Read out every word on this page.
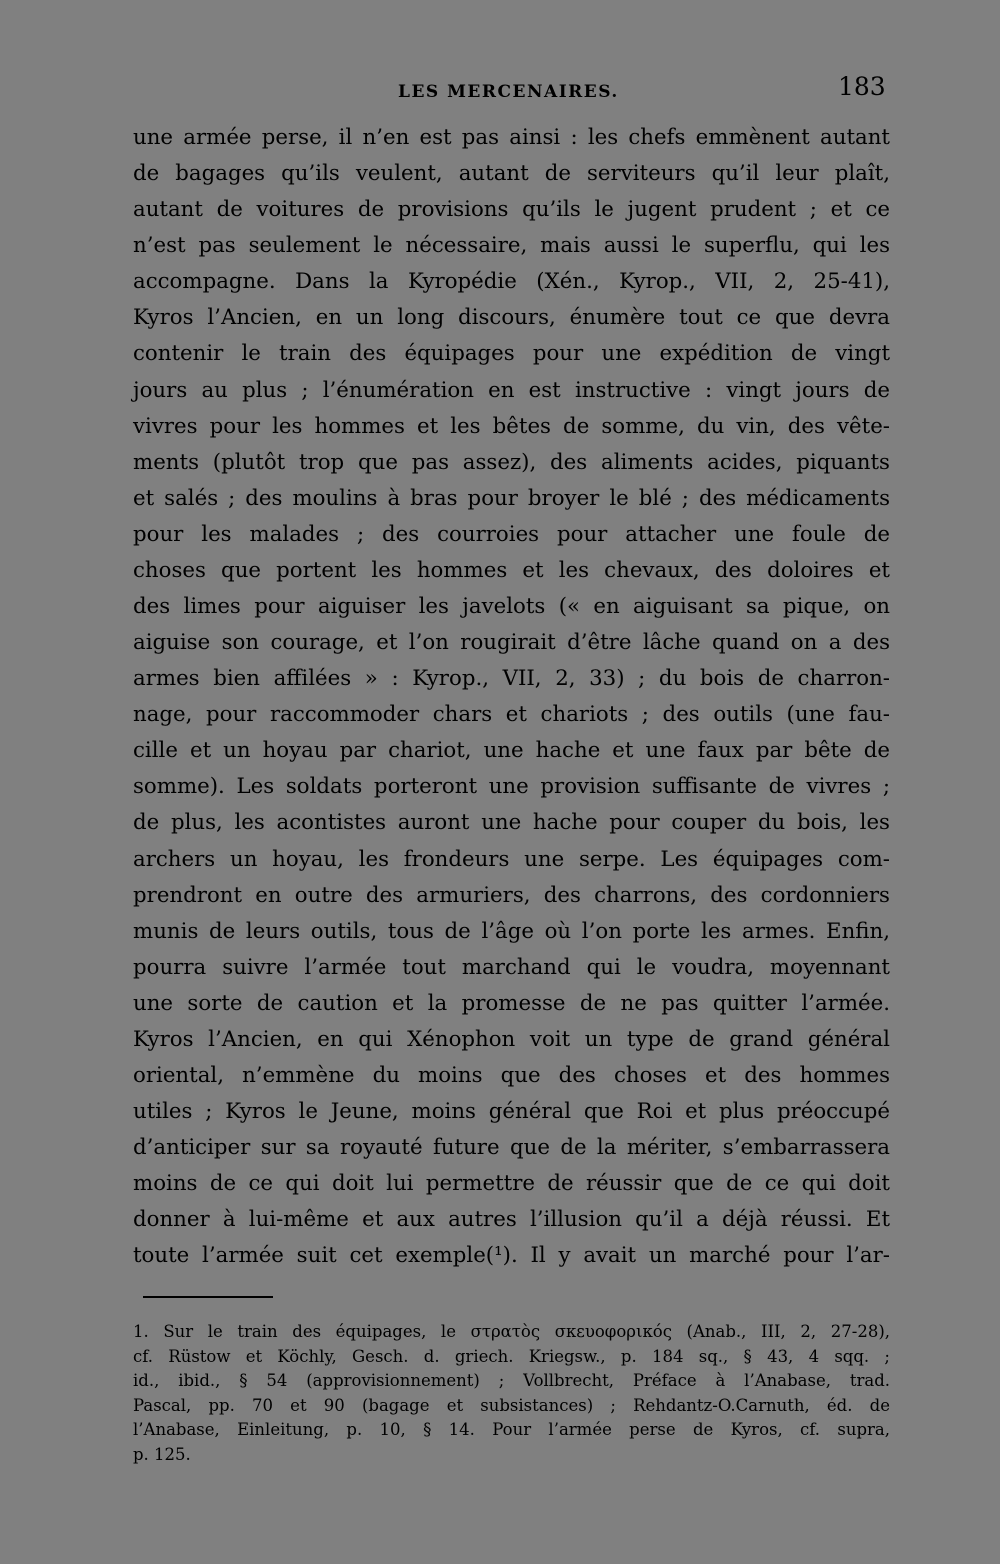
LES MERCENAIRES.	183
une armée perse, il n’en est pas ainsi : les chefs emmènent autant
de bagages qu’ils veulent, autant de serviteurs qu’il leur plaît,
autant de voitures de provisions qu’ils le jugent prudent ; et ce
n’est pas seulement le nécessaire, mais aussi le superflu, qui les
accompagne. Dans la Kyropédie (Xén., Kyrop., VII, 2, 25-41),
Kyros l’Ancien, en un long discours, énumère tout ce que devra
contenir le train des équipages pour une expédition de vingt
jours au plus ; l’énumération en est instructive : vingt jours de
vivres pour les hommes et les bêtes de somme, du vin, des vête-
ments (plutôt trop que pas assez), des aliments acides, piquants
et salés ; des moulins à bras pour broyer le blé ; des médicaments
pour les malades ; des courroies pour attacher une foule de
choses que portent les hommes et les chevaux, des doloires et
des limes pour aiguiser les javelots (« en aiguisant sa pique, on
aiguise son courage, et l’on rougirait d’être lâche quand on a des
armes bien affilées » : Kyrop., VII, 2, 33) ; du bois de charron-
nage, pour raccommoder chars et chariots ; des outils (une fau-
cille et un hoyau par chariot, une hache et une faux par bête de
somme). Les soldats porteront une provision suffisante de vivres ;
de plus, les acontistes auront une hache pour couper du bois, les
archers un hoyau, les frondeurs une serpe. Les équipages com-
prendront en outre des armuriers, des charrons, des cordonniers
munis de leurs outils, tous de l’âge où l’on porte les armes. Enfin,
pourra suivre l’armée tout marchand qui le voudra, moyennant
une sorte de caution et la promesse de ne pas quitter l’armée.
Kyros l’Ancien, en qui Xénophon voit un type de grand général
oriental, n’emmène du moins que des choses et des hommes
utiles ; Kyros le Jeune, moins général que Roi et plus préoccupé
d’anticiper sur sa royauté future que de la mériter, s’embarrassera
moins de ce qui doit lui permettre de réussir que de ce qui doit
donner à lui-même et aux autres l’illusion qu’il a déjà réussi. Et
toute l’armée suit cet exemple(¹). Il y avait un marché pour l’ar-
1. Sur le train des équipages, le στρατὸς σκευοφορικός (Anab., III, 2, 27-28),
cf. Rüstow et Köchly, Gesch. d. griech. Kriegsw., p. 184 sq., § 43, 4 sqq. ;
id., ibid., § 54 (approvisionnement) ; Vollbrecht, Préface à l’Anabase, trad.
Pascal, pp. 70 et 90 (bagage et subsistances) ; Rehdantz-O.Carnuth, éd. de
l’Anabase, Einleitung, p. 10, § 14. Pour l’armée perse de Kyros, cf. supra,
p. 125.
